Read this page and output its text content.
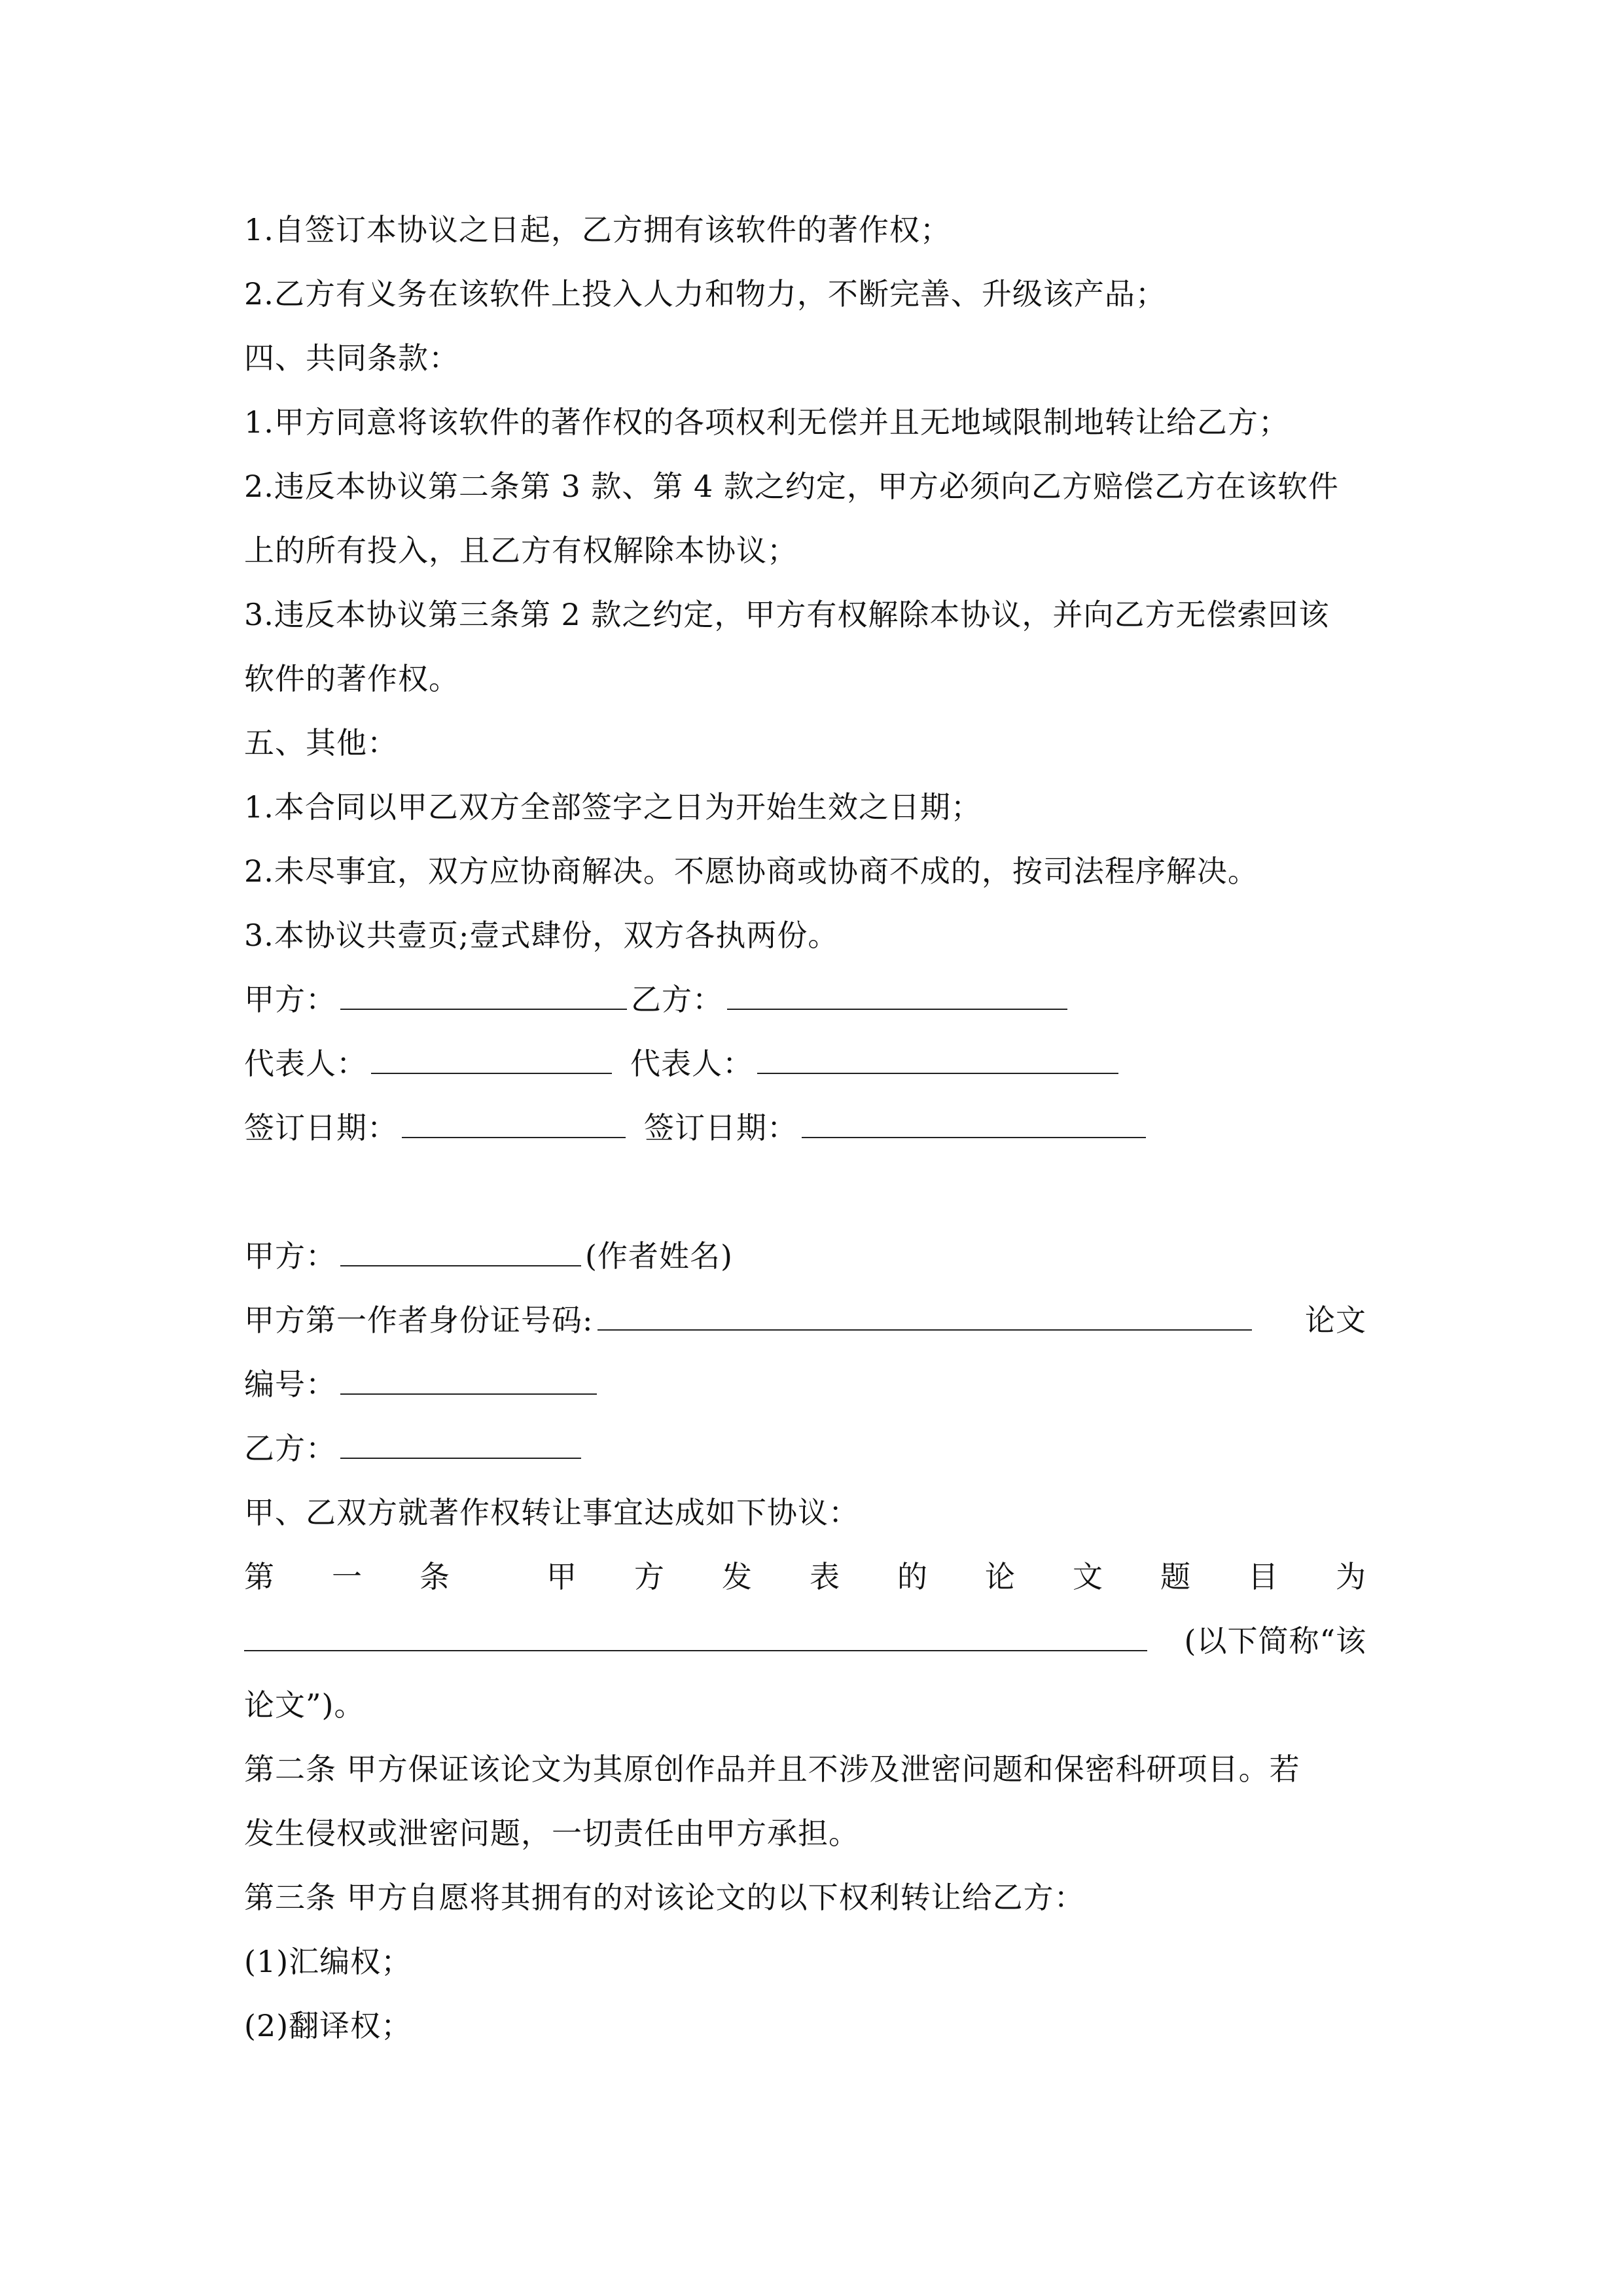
1.自签订本协议之日起，乙方拥有该软件的著作权；
2.乙方有义务在该软件上投入人力和物力，不断完善、升级该产品；
四、共同条款：
1.甲方同意将该软件的著作权的各项权利无偿并且无地域限制地转让给乙方；
2.违反本协议第二条第 3 款、第 4 款之约定，甲方必须向乙方赔偿乙方在该软件
上的所有投入，且乙方有权解除本协议；
3.违反本协议第三条第 2 款之约定，甲方有权解除本协议，并向乙方无偿索回该
软件的著作权。
五、其他：
1.本合同以甲乙双方全部签字之日为开始生效之日期；
2.未尽事宜，双方应协商解决。不愿协商或协商不成的，按司法程序解决。
3.本协议共壹页;壹式肆份，双方各执两份。
甲方：	乙方：
代表人：	代表人：
签订日期：	签订日期：
甲方：	(作者姓名)
甲方第一作者身份证号码:	论文
编号：
乙方：
甲、乙双方就著作权转让事宜达成如下协议：
第 一 条	甲 方 发 表 的 论 文 题 目 为
(以下简称“该
论文”)。
第二条 甲方保证该论文为其原创作品并且不涉及泄密问题和保密科研项目。若
发生侵权或泄密问题，一切责任由甲方承担。
第三条 甲方自愿将其拥有的对该论文的以下权利转让给乙方：
(1)汇编权；
(2)翻译权；
